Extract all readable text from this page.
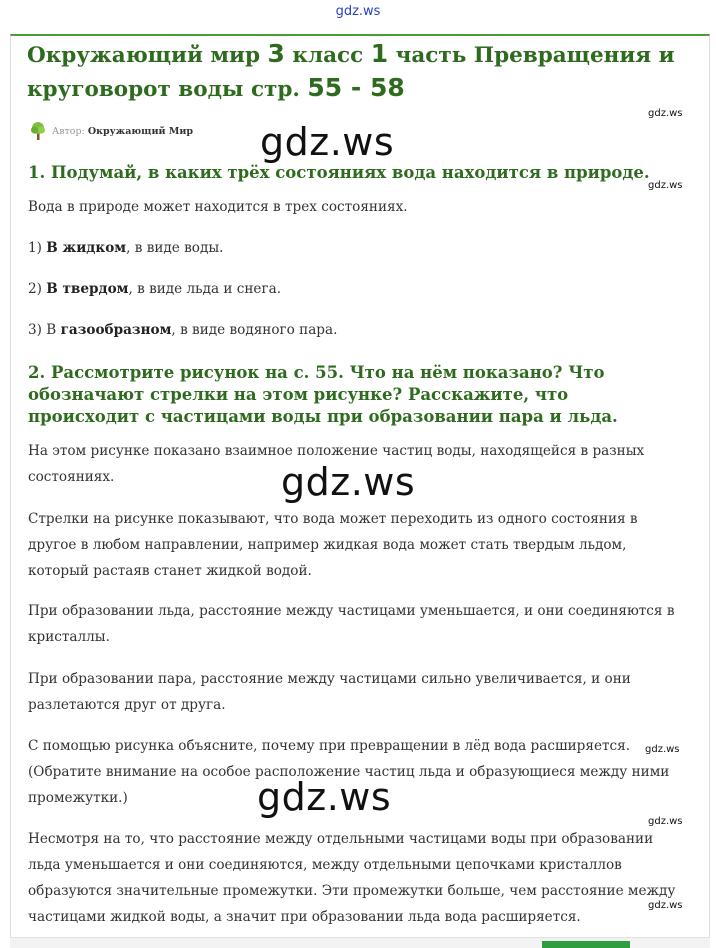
gdz.ws
Окружающий мир 3 класс 1 часть Превращения и круговорот воды стр. 55 - 58
Автор: Окружающий Мир
1. Подумай, в каких трёх состояниях вода находится в природе.

Вода в природе может находится в трех состояниях.

1) В жидком, в виде воды.

2) В твердом, в виде льда и снега.

3) В газообразном, в виде водяного пара.

2. Рассмотрите рисунок на с. 55. Что на нём показано? Что обозначают стрелки на этом рисунке? Расскажите, что происходит с частицами воды при образовании пара и льда.

На этом рисунке показано взаимное положение частиц воды, находящейся в разных состояниях.

Стрелки на рисунке показывают, что вода может переходить из одного состояния в другое в любом направлении, например жидкая вода может стать твердым льдом, который растаяв станет жидкой водой.

При образовании льда, расстояние между частицами уменьшается, и они соединяются в кристаллы.

При образовании пара, расстояние между частицами сильно увеличивается, и они разлетаются друг от друга.

С помощью рисунка объясните, почему при превращении в лёд вода расширяется. (Обратите внимание на особое расположение частиц льда и образующиеся между ними промежутки.)

Несмотря на то, что расстояние между отдельными частицами воды при образовании льда уменьшается и они соединяются, между отдельными цепочками кристаллов образуются значительные промежутки. Эти промежутки больше, чем расстояние между частицами жидкой воды, а значит при образовании льда вода расширяется.

gdz.ws
gdz.ws
gdz.ws
gdz.ws
gdz.ws
gdz.ws
gdz.ws
gdz.ws
